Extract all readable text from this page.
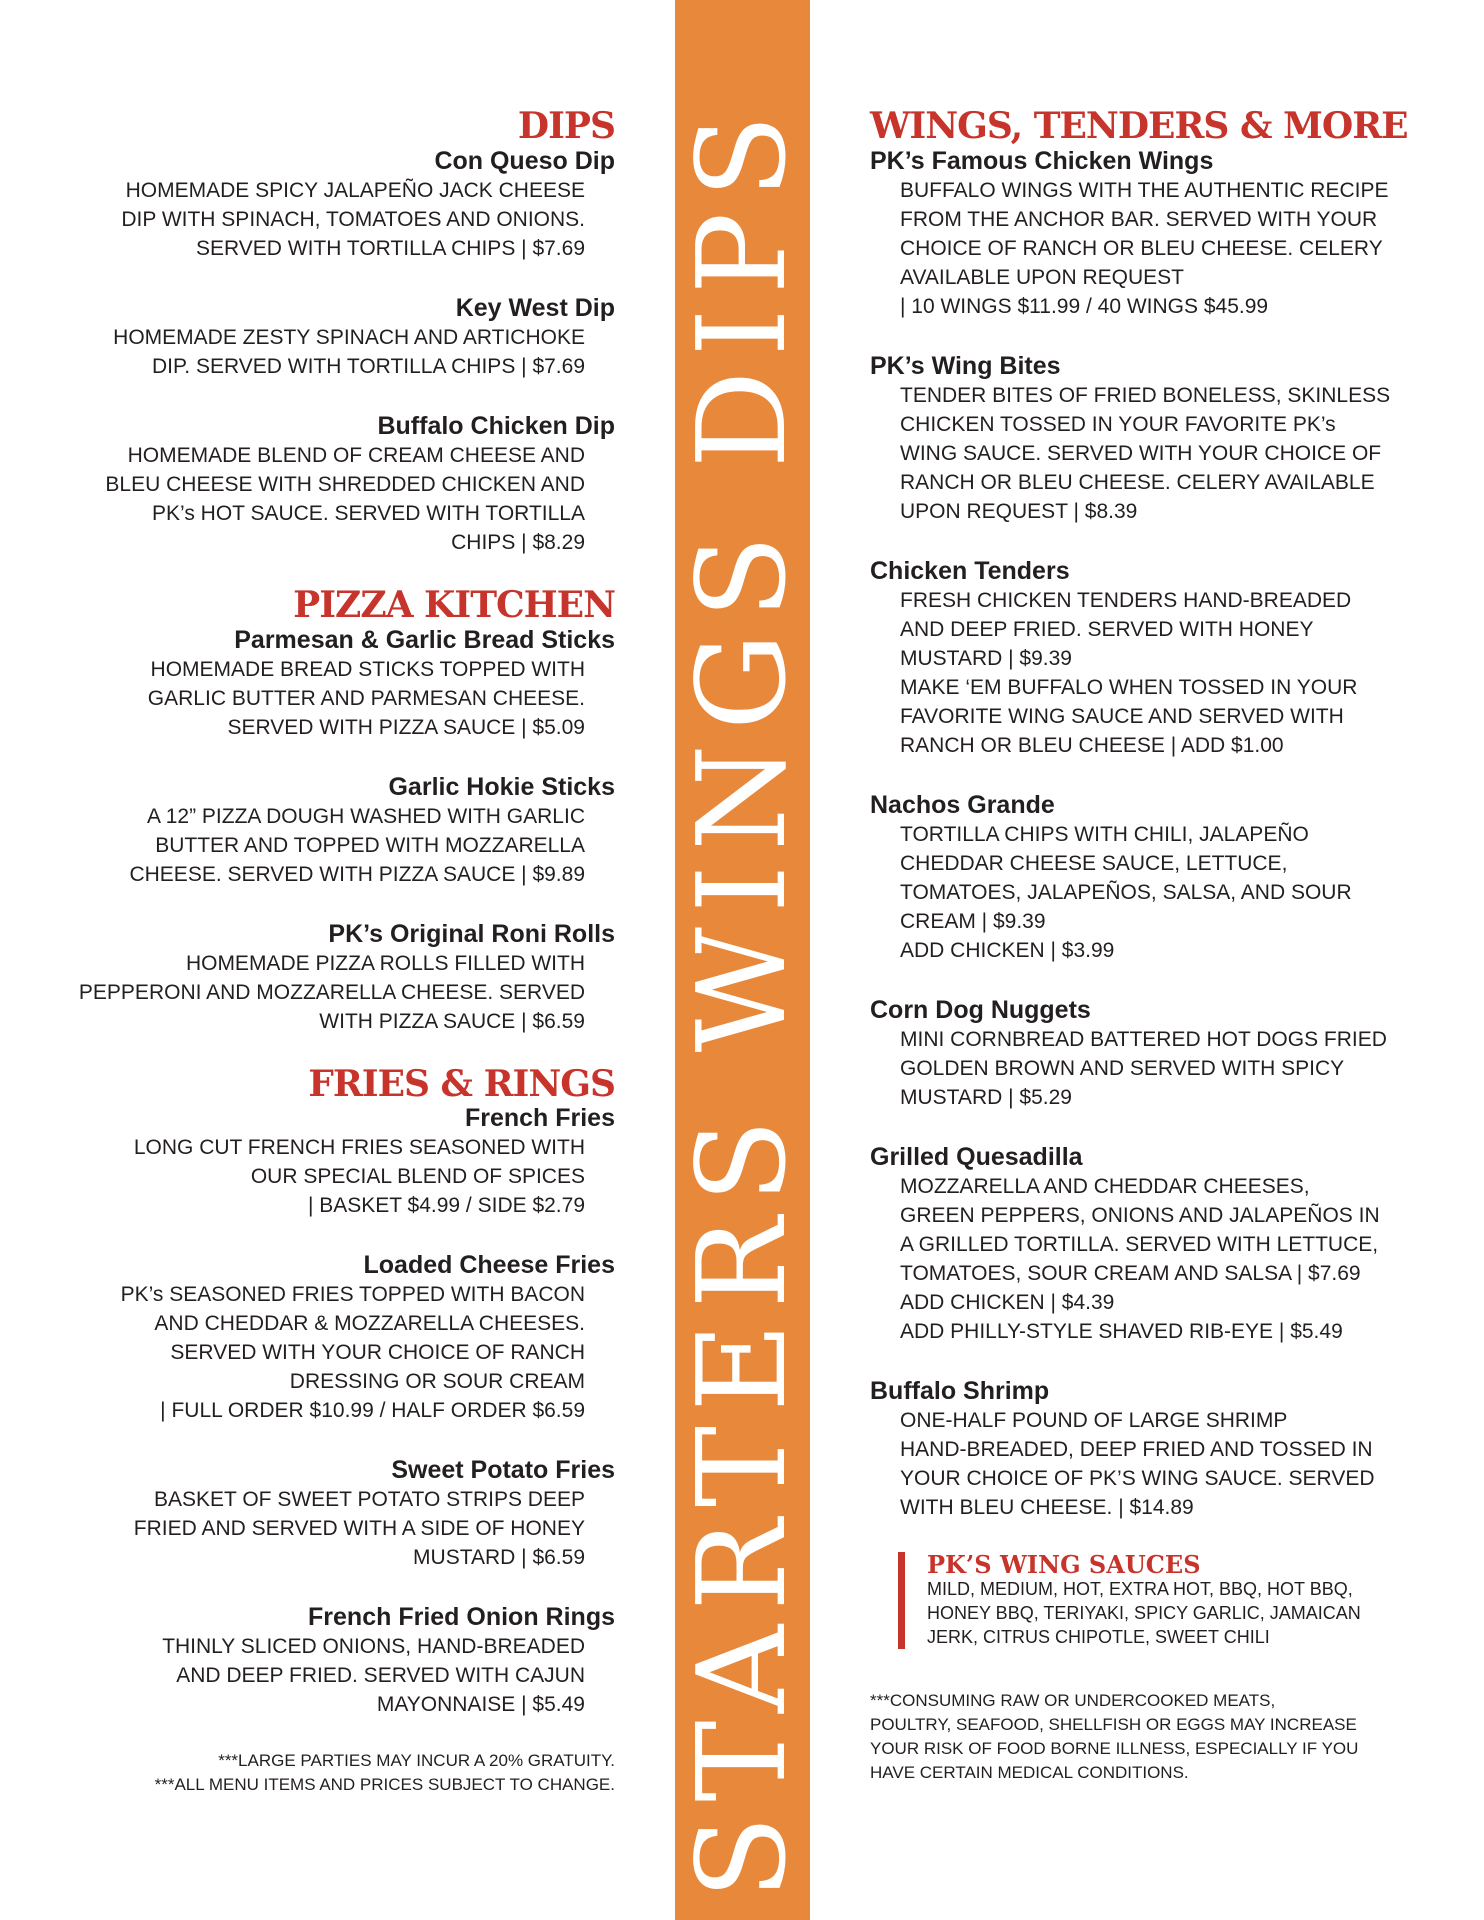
STARTERS WINGS DIPS
DIPS

Con Queso Dip

HOMEMADE SPICY JALAPEÑO JACK CHEESE
DIP WITH SPINACH, TOMATOES AND ONIONS.
SERVED WITH TORTILLA CHIPS | $7.69

Key West Dip

HOMEMADE ZESTY SPINACH AND ARTICHOKE
DIP. SERVED WITH TORTILLA CHIPS | $7.69

Buffalo Chicken Dip

HOMEMADE BLEND OF CREAM CHEESE AND
BLEU CHEESE WITH SHREDDED CHICKEN AND
PK’s HOT SAUCE. SERVED WITH TORTILLA
CHIPS | $8.29
PIZZA KITCHEN

Parmesan & Garlic Bread Sticks

HOMEMADE BREAD STICKS TOPPED WITH
GARLIC BUTTER AND PARMESAN CHEESE.
SERVED WITH PIZZA SAUCE | $5.09

Garlic Hokie Sticks

A 12” PIZZA DOUGH WASHED WITH GARLIC
BUTTER AND TOPPED WITH MOZZARELLA
CHEESE. SERVED WITH PIZZA SAUCE | $9.89

PK’s Original Roni Rolls

HOMEMADE PIZZA ROLLS FILLED WITH
PEPPERONI AND MOZZARELLA CHEESE. SERVED
WITH PIZZA SAUCE | $6.59
FRIES & RINGS

French Fries

LONG CUT FRENCH FRIES SEASONED WITH
OUR SPECIAL BLEND OF SPICES
| BASKET $4.99 / SIDE $2.79

Loaded Cheese Fries

PK’s SEASONED FRIES TOPPED WITH BACON
AND CHEDDAR & MOZZARELLA CHEESES.
SERVED WITH YOUR CHOICE OF RANCH
DRESSING OR SOUR CREAM
| FULL ORDER $10.99 / HALF ORDER $6.59

Sweet Potato Fries

BASKET OF SWEET POTATO STRIPS DEEP
FRIED AND SERVED WITH A SIDE OF HONEY
MUSTARD | $6.59

French Fried Onion Rings

THINLY SLICED ONIONS, HAND-BREADED
AND DEEP FRIED. SERVED WITH CAJUN
MAYONNAISE | $5.49
***LARGE PARTIES MAY INCUR A 20% GRATUITY.
***ALL MENU ITEMS AND PRICES SUBJECT TO CHANGE.
WINGS, TENDERS & MORE

PK’s Famous Chicken Wings

BUFFALO WINGS WITH THE AUTHENTIC RECIPE
FROM THE ANCHOR BAR. SERVED WITH YOUR
CHOICE OF RANCH OR BLEU CHEESE. CELERY
AVAILABLE UPON REQUEST
| 10 WINGS $11.99 / 40 WINGS $45.99

PK’s Wing Bites

TENDER BITES OF FRIED BONELESS, SKINLESS
CHICKEN TOSSED IN YOUR FAVORITE PK’s
WING SAUCE. SERVED WITH YOUR CHOICE OF
RANCH OR BLEU CHEESE. CELERY AVAILABLE
UPON REQUEST | $8.39

Chicken Tenders

FRESH CHICKEN TENDERS HAND-BREADED
AND DEEP FRIED. SERVED WITH HONEY
MUSTARD | $9.39
MAKE ‘EM BUFFALO WHEN TOSSED IN YOUR
FAVORITE WING SAUCE AND SERVED WITH
RANCH OR BLEU CHEESE | ADD $1.00

Nachos Grande

TORTILLA CHIPS WITH CHILI, JALAPEÑO
CHEDDAR CHEESE SAUCE, LETTUCE,
TOMATOES, JALAPEÑOS, SALSA, AND SOUR
CREAM | $9.39
ADD CHICKEN | $3.99

Corn Dog Nuggets

MINI CORNBREAD BATTERED HOT DOGS FRIED
GOLDEN BROWN AND SERVED WITH SPICY
MUSTARD | $5.29

Grilled Quesadilla

MOZZARELLA AND CHEDDAR CHEESES,
GREEN PEPPERS, ONIONS AND JALAPEÑOS IN
A GRILLED TORTILLA. SERVED WITH LETTUCE,
TOMATOES, SOUR CREAM AND SALSA | $7.69
ADD CHICKEN | $4.39
ADD PHILLY-STYLE SHAVED RIB-EYE | $5.49

Buffalo Shrimp

ONE-HALF POUND OF LARGE SHRIMP
HAND-BREADED, DEEP FRIED AND TOSSED IN
YOUR CHOICE OF PK’S WING SAUCE. SERVED
WITH BLEU CHEESE. | $14.89

PK’S WING SAUCES

MILD, MEDIUM, HOT, EXTRA HOT, BBQ, HOT BBQ,
HONEY BBQ, TERIYAKI, SPICY GARLIC, JAMAICAN
JERK, CITRUS CHIPOTLE, SWEET CHILI
***CONSUMING RAW OR UNDERCOOKED MEATS,
POULTRY, SEAFOOD, SHELLFISH OR EGGS MAY INCREASE
YOUR RISK OF FOOD BORNE ILLNESS, ESPECIALLY IF YOU
HAVE CERTAIN MEDICAL CONDITIONS.
